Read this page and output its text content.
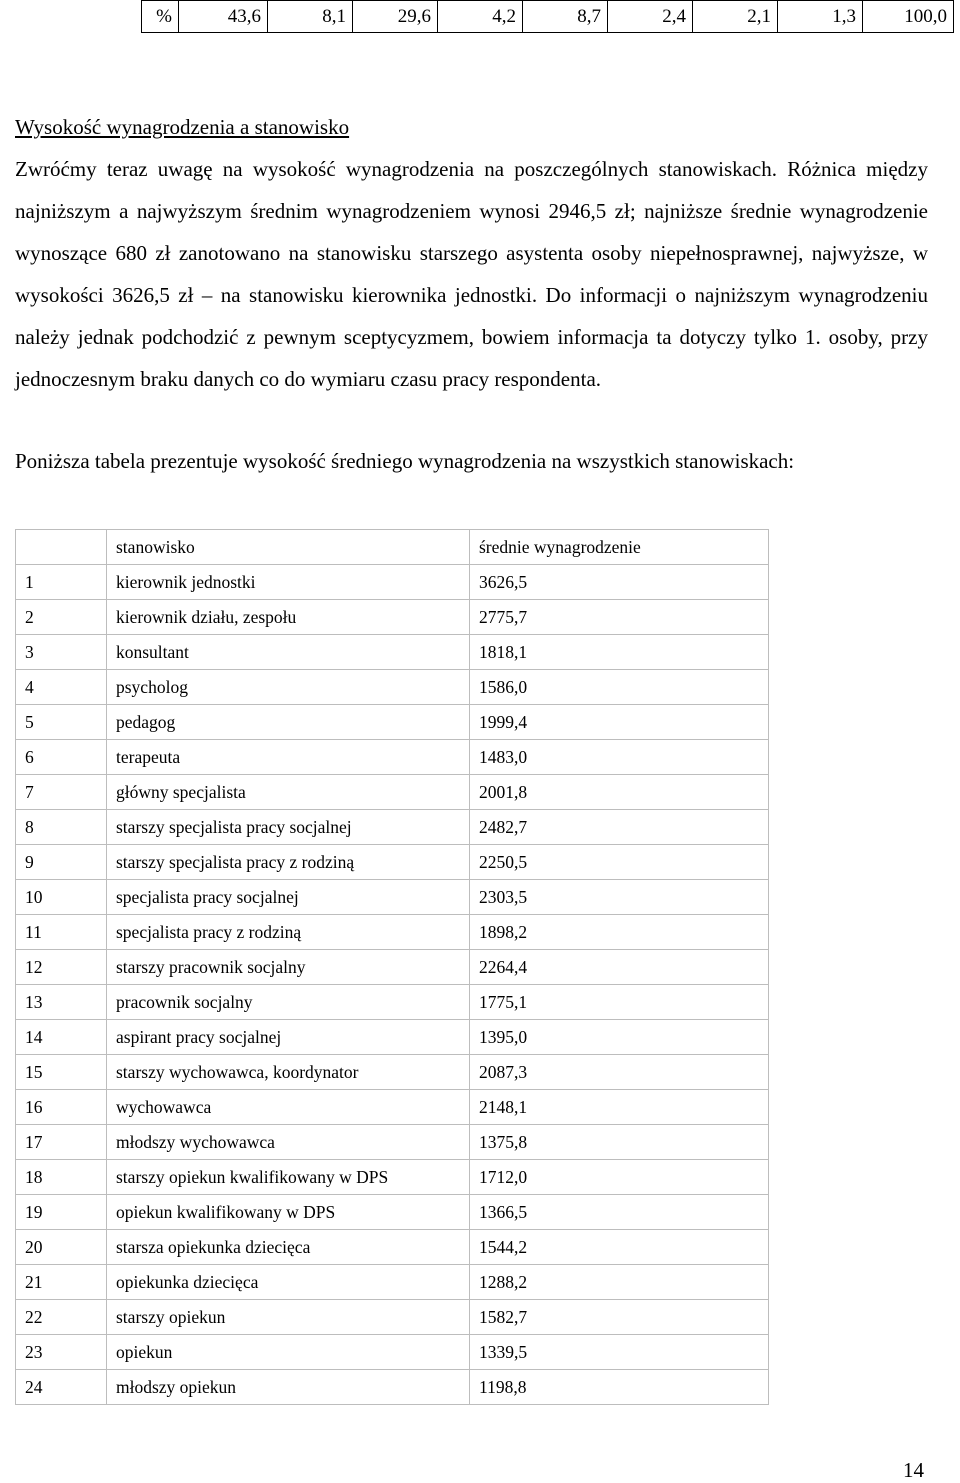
%	43,6	8,1	29,6	4,2	8,7	2,4	2,1	1,3	100,0
Wysokość wynagrodzenia a stanowisko
Zwróćmy teraz uwagę na wysokość wynagrodzenia na poszczególnych stanowiskach. Różnica między najniższym a najwyższym średnim wynagrodzeniem wynosi 2946,5 zł; najniższe średnie wynagrodzenie wynoszące 680 zł zanotowano na stanowisku starszego asystenta osoby niepełnosprawnej, najwyższe, w wysokości 3626,5 zł – na stanowisku kierownika jednostki. Do informacji o najniższym wynagrodzeniu należy jednak podchodzić z pewnym sceptycyzmem, bowiem informacja ta dotyczy tylko 1. osoby, przy jednoczesnym braku danych co do wymiaru czasu pracy respondenta.
Poniższa tabela prezentuje wysokość średniego wynagrodzenia na wszystkich stanowiskach:
	stanowisko	średnie wynagrodzenie
1	kierownik jednostki	3626,5
2	kierownik działu, zespołu	2775,7
3	konsultant	1818,1
4	psycholog	1586,0
5	pedagog	1999,4
6	terapeuta	1483,0
7	główny specjalista	2001,8
8	starszy specjalista pracy socjalnej	2482,7
9	starszy specjalista pracy z rodziną	2250,5
10	specjalista pracy socjalnej	2303,5
11	specjalista pracy z rodziną	1898,2
12	starszy pracownik socjalny	2264,4
13	pracownik socjalny	1775,1
14	aspirant pracy socjalnej	1395,0
15	starszy wychowawca, koordynator	2087,3
16	wychowawca	2148,1
17	młodszy wychowawca	1375,8
18	starszy opiekun kwalifikowany w DPS	1712,0
19	opiekun kwalifikowany w DPS	1366,5
20	starsza opiekunka dziecięca	1544,2
21	opiekunka dziecięca	1288,2
22	starszy opiekun	1582,7
23	opiekun	1339,5
24	młodszy opiekun	1198,8
14
